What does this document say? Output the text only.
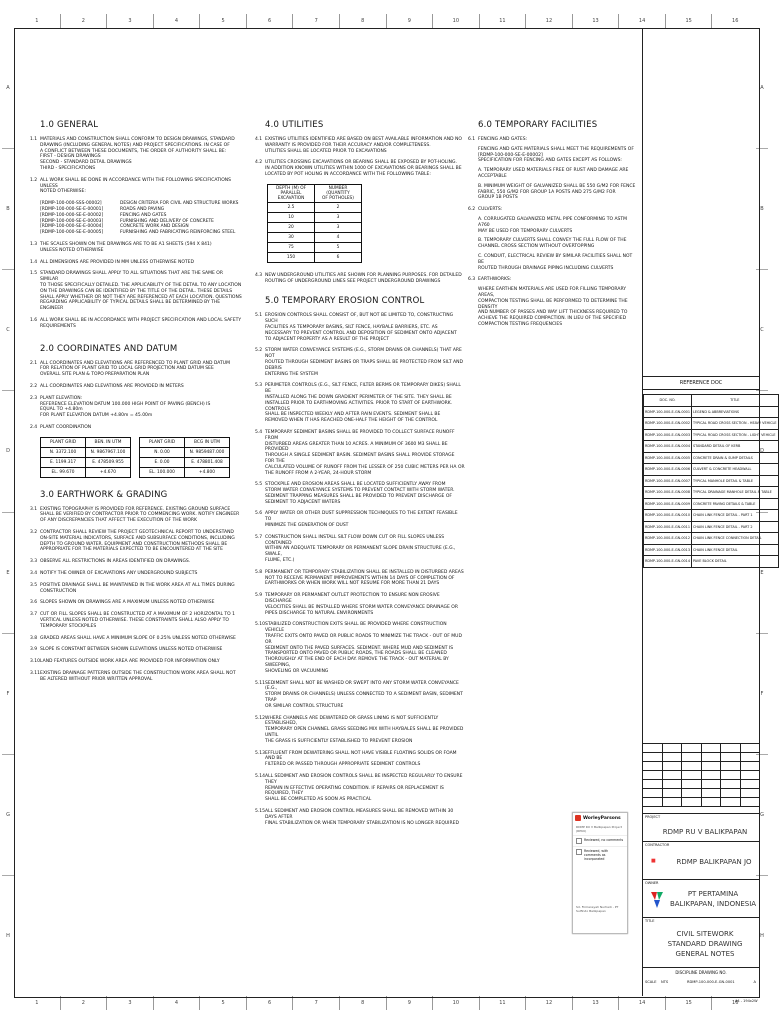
1	2	3	4	5	6	7	8	9	10	11	12	13	14	15	16
1	2	3	4	5	6	7	8	9	10	11	12	13	14	15	16
A
B
C
D
E
F
G
H
A
B
C
D
E
F
G
H
1.0 GENERAL
1.1 MATERIALS AND CONSTRUCTION SHALL CONFORM TO DESIGN DRAWINGS, STANDARD
DRAWING (INCLUDING GENERAL NOTES) AND PROJECT SPECIFICATIONS. IN CASE OF
A CONFLICT BETWEEN THESE DOCUMENTS, THE ORDER OF AUTHORITY SHALL BE:
FIRST - DESIGN DRAWINGS
SECOND - STANDARD DETAIL DRAWINGS
THIRD - SPECIFICATIONS
1.2 ALL WORK SHALL BE DONE IN ACCORDANCE WITH THE FOLLOWING SPECIFICATIONS UNLESS
NOTED OTHERWISE:
[RDMP-100-000-SSS-00002]	DESIGN CRITERIA FOR CIVIL AND STRUCTURE WORKS
[RDMP-100-000-SE-E-00001]	ROADS AND PAVING
[RDMP-100-000-SE-E-00002]	FENCING AND GATES
[RDMP-100-000-SE-E-00003]	FURNISHING AND DELIVERY OF CONCRETE
[RDMP-100-000-SE-E-00004]	CONCRETE WORK AND DESIGN
[RDMP-100-000-SE-E-00005]	FURNISHING AND FABRICATING REINFORCING STEEL
1.3 THE SCALES SHOWN ON THE DRAWINGS ARE TO BE A1 SHEETS (594 X 841)
UNLESS NOTED OTHERWISE
1.4 ALL DIMENSIONS ARE PROVIDED IN MM UNLESS OTHERWISE NOTED
1.5 STANDARD DRAWINGS SHALL APPLY TO ALL SITUATIONS THAT ARE THE SAME OR SIMILAR
TO THOSE SPECIFICALLY DETAILED. THE APPLICABILITY OF THE DETAIL TO ANY LOCATION
ON THE DRAWINGS CAN BE IDENTIFIED BY THE TITLE OF THE DETAIL. THESE DETAILS
SHALL APPLY WHETHER OR NOT THEY ARE REFERENCED AT EACH LOCATION. QUESTIONS
REGARDING APPLICABILITY OF TYPICAL DETAILS SHALL BE DETERMINED BY THE ENGINEER
1.6 ALL WORK SHALL BE IN ACCORDANCE WITH PROJECT SPECIFICATION AND LOCAL SAFETY
REQUIREMENTS
2.0 COORDINATES AND DATUM
2.1 ALL COORDINATES AND ELEVATIONS ARE REFERENCED TO PLANT GRID AND DATUM
FOR RELATION OF PLANT GRID TO LOCAL GRID PROJECTION AND DATUM SEE
OVERALL SITE PLAN & TOPO PREPARATION PLAN
2.2 ALL COORDINATES AND ELEVATIONS ARE PROVIDED IN METERS
2.3 PLANT ELEVATION:
REFERENCE ELEVATION DATUM 100.000 HIGH POINT OF PAVING (BENCH) IS
EQUAL TO +4.80m
FOR PLANT ELEVATION DATUM +4.80m = 45.00m
2.4 PLANT COORDINATION
PLANT GRID	BEN. IN UTM
N. 3372.100	N. 9867967.100
E. 1199.317	E. 478509.955
EL. 99.670	+4.670
PLANT GRID	BCG IN UTM
N. 0.00	N. 9859487.000
E. 0.00	E. 478801.408
EL. 100.000	+4.800
3.0 EARTHWORK & GRADING
3.1 EXISTING TOPOGRAPHY IS PROVIDED FOR REFERENCE. EXISTING GROUND SURFACE
SHALL BE VERIFIED BY CONTRACTOR PRIOR TO COMMENCING WORK. NOTIFY ENGINEER
OF ANY DISCREPANCIES THAT AFFECT THE EXECUTION OF THE WORK
3.2 CONTRACTOR SHALL REVIEW THE PROJECT GEOTECHNICAL REPORT TO UNDERSTAND
ON-SITE MATERIAL INDICATORS, SURFACE AND SUBSURFACE CONDITIONS, INCLUDING
DEPTH TO GROUND WATER. EQUIPMENT AND CONSTRUCTION METHODS SHALL BE
APPROPRIATE FOR THE MATERIALS EXPECTED TO BE ENCOUNTERED AT THE SITE
3.3 OBSERVE ALL RESTRICTIONS IN AREAS IDENTIFIED ON DRAWINGS.
3.4 NOTIFY THE OWNER OF EXCAVATIONS ANY UNDERGROUND SUBJECTS
3.5 POSITIVE DRAINAGE SHALL BE MAINTAINED IN THE WORK AREA AT ALL TIMES DURING
CONSTRUCTION
3.6 SLOPES SHOWN ON DRAWINGS ARE A MAXIMUM UNLESS NOTED OTHERWISE
3.7 CUT OR FILL SLOPES SHALL BE CONSTRUCTED AT A MAXIMUM OF 2 HORIZONTAL TO 1
VERTICAL UNLESS NOTED OTHERWISE. THESE CONSTRAINTS SHALL ALSO APPLY TO
TEMPORARY STOCKPILES
3.8 GRADED AREAS SHALL HAVE A MINIMUM SLOPE OF 0.25% UNLESS NOTED OTHERWISE
3.9 SLOPE IS CONSTANT BETWEEN SHOWN ELEVATIONS UNLESS NOTED OTHERWISE
3.10 LAND FEATURES OUTSIDE WORK AREA ARE PROVIDED FOR INFORMATION ONLY
3.11 EXISTING DRAINAGE PATTERNS OUTSIDE THE CONSTRUCTION WORK AREA SHALL NOT
BE ALTERED WITHOUT PRIOR WRITTEN APPROVAL
4.0 UTILITIES
4.1 EXISTING UTILITIES IDENTIFIED ARE BASED ON BEST AVAILABLE INFORMATION AND NO
WARRANTY IS PROVIDED FOR THEIR ACCURACY AND/OR COMPLETENESS.
UTILITIES SHALL BE LOCATED PRIOR TO EXCAVATIONS
4.2 UTILITIES CROSSING EXCAVATIONS OR BEARING SHALL BE EXPOSED BY POT-HOLING.
IN ADDITION KNOWN UTILITIES WITHIN 1000 OF EXCAVATIONS OR BEARINGS SHALL BE
LOCATED BY POT HOLING IN ACCORDANCE WITH THE FOLLOWING TABLE:
DEPTH (M) OF
PARALLEL EXCAVATION	NUMBER (QUANTITY
OF POTHOLES)
2.5	2
10	3
20	3
30	4
75	5
150	6
4.3 NEW UNDERGROUND UTILITIES ARE SHOWN FOR PLANNING PURPOSES. FOR DETAILED
ROUTING OF UNDERGROUND LINES SEE PROJECT UNDERGROUND DRAWINGS
5.0 TEMPORARY EROSION CONTROL
5.1 EROSION CONTROLS SHALL CONSIST OF, BUT NOT BE LIMITED TO, CONSTRUCTING SUCH
FACILITIES AS TEMPORARY BASINS, SILT FENCE, HAYBALE BARRIERS, ETC. AS
NECESSARY TO PREVENT CONTROL AND DEPOSITION OF SEDIMENT ONTO ADJACENT
TO ADJACENT PROPERTY AS A RESULT OF THE PROJECT
5.2 STORM WATER CONVEYANCE SYSTEMS (E.G., STORM DRAINS OR CHANNELS) THAT ARE NOT
ROUTED THROUGH SEDIMENT BASINS OR TRAPS SHALL BE PROTECTED FROM SILT AND DEBRIS
ENTERING THE SYSTEM
5.3 PERIMETER CONTROLS (E.G., SILT FENCE, FILTER BERMS OR TEMPORARY DIKES) SHALL BE
INSTALLED ALONG THE DOWN GRADIENT PERIMETER OF THE SITE. THEY SHALL BE
INSTALLED PRIOR TO EARTHMOVING ACTIVITIES. PRIOR TO START OF EARTHWORK. CONTROLS
SHALL BE INSPECTED WEEKLY AND AFTER RAIN EVENTS. SEDIMENT SHALL BE
REMOVED WHEN IT HAS REACHED ONE-HALF THE HEIGHT OF THE CONTROL
5.4 TEMPORARY SEDIMENT BASINS SHALL BE PROVIDED TO COLLECT SURFACE RUNOFF FROM
DISTURBED AREAS GREATER THAN 10 ACRES. A MINIMUM OF 3600 M3 SHALL BE PROVIDED
THROUGH A SINGLE SEDIMENT BASIN. SEDIMENT BASINS SHALL PROVIDE STORAGE FOR THE
CALCULATED VOLUME OF RUNOFF FROM THE LESSER OF 250 CUBIC METERS PER HA OR
THE RUNOFF FROM A 2-YEAR, 24-HOUR STORM
5.5 STOCKPILE AND EROSION AREAS SHALL BE LOCATED SUFFICIENTLY AWAY FROM
STORM WATER CONVEYANCE SYSTEMS TO PREVENT CONTACT WITH STORM WATER.
SEDIMENT TRAPPING MEASURES SHALL BE PROVIDED TO PREVENT DISCHARGE OF
SEDIMENT TO ADJACENT WATERS
5.6 APPLY WATER OR OTHER DUST SUPPRESSION TECHNIQUES TO THE EXTENT FEASIBLE TO
MINIMIZE THE GENERATION OF DUST
5.7 CONSTRUCTION SHALL INSTALL SILT FLOW DOWN CUT OR FILL SLOPES UNLESS CONTAINED
WITHIN AN ADEQUATE TEMPORARY OR PERMANENT SLOPE DRAIN STRUCTURE (E.G., SWALE,
FLUME, ETC.)
5.8 PERMANENT OR TEMPORARY STABILIZATION SHALL BE INSTALLED IN DISTURBED AREAS
NOT TO RECEIVE PERMANENT IMPROVEMENTS WITHIN 14 DAYS OF COMPLETION OF
EARTHWORKS OR WHEN WORK WILL NOT RESUME FOR MORE THAN 21 DAYS
5.9 TEMPORARY OR PERMANENT OUTLET PROTECTION TO ENSURE NON EROSIVE DISCHARGE
VELOCITIES SHALL BE INSTALLED WHERE STORM WATER CONVEYANCE DRAINAGE OR
PIPES DISCHARGE TO NATURAL ENVIRONMENTS
5.10 STABILIZED CONSTRUCTION EXITS SHALL BE PROVIDED WHERE CONSTRUCTION VEHICLE
TRAFFIC EXITS ONTO PAVED OR PUBLIC ROADS TO MINIMIZE THE TRACK - OUT OF MUD OR
SEDIMENT ONTO THE PAVED SURFACES. SEDIMENT. WHERE MUD AND SEDIMENT IS
TRANSPORTED ONTO PAVED OR PUBLIC ROADS, THE ROADS SHALL BE CLEANED
THOROUGHLY AT THE END OF EACH DAY. REMOVE THE TRACK - OUT MATERIAL BY SWEEPING,
SHOVELING OR VACUUMING
5.11 SEDIMENT SHALL NOT BE WASHED OR SWEPT INTO ANY STORM WATER CONVEYANCE (E.G.,
STORM DRAINS OR CHANNELS) UNLESS CONNECTED TO A SEDIMENT BASIN, SEDIMENT TRAP
OR SIMILAR CONTROL STRUCTURE
5.12 WHERE CHANNELS ARE DEWATERED OR GRASS LINING IS NOT SUFFICIENTLY ESTABLISHED,
TEMPORARY OPEN CHANNEL GRASS SEEDING MIX WITH HAYBALES SHALL BE PROVIDED UNTIL
THE GRASS IS SUFFICIENTLY ESTABLISHED TO PREVENT EROSION
5.13 EFFLUENT FROM DEWATERING SHALL NOT HAVE VISIBLE FLOATING SOLIDS OR FOAM AND BE
FILTERED OR PASSED THROUGH APPROPRIATE SEDIMENT CONTROLS
5.14 ALL SEDIMENT AND EROSION CONTROLS SHALL BE INSPECTED REGULARLY TO ENSURE THEY
REMAIN IN EFFECTIVE OPERATING CONDITION. IF REPAIRS OR REPLACEMENT IS REQUIRED, THEY
SHALL BE COMPLETED AS SOON AS PRACTICAL
5.15 ALL SEDIMENT AND EROSION CONTROL MEASURES SHALL BE REMOVED WITHIN 30 DAYS AFTER
FINAL STABILIZATION OR WHEN TEMPORARY STABILIZATION IS NO LONGER REQUIRED
6.0 TEMPORARY FACILITIES
6.1 FENCING AND GATES:
FENCING AND GATE MATERIALS SHALL MEET THE REQUIREMENTS OF
[RDMP-100-000-SE-E-00002]
SPECIFICATION FOR FENCING AND GATES EXCEPT AS FOLLOWS:
A. TEMPORARY USED MATERIALS FREE OF RUST AND DAMAGE ARE
ACCEPTABLE
B. MINIMUM WEIGHT OF GALVANIZED SHALL BE 550 G/M2 FOR FENCE
FABRIC, 550 G/M2 FOR GROUP 1A POSTS AND 275 G/M2 FOR
GROUP 1B POSTS
6.2 CULVERTS:
A. CORRUGATED GALVANIZED METAL PIPE CONFORMING TO ASTM A760
MAY BE USED FOR TEMPORARY CULVERTS
B. TEMPORARY CULVERTS SHALL CONVEY THE FULL FLOW OF THE
CHANNEL CROSS SECTION WITHOUT OVERTOPPING
C. CONDUIT, ELECTRICAL REVIEW BY SIMILAR FACILITIES SHALL NOT BE
ROUTED THROUGH DRAINAGE PIPING INCLUDING CULVERTS
6.3 EARTHWORKS:
WHERE EARTHEN MATERIALS ARE USED FOR FILLING TEMPORARY AREAS,
COMPACTION TESTING SHALL BE PERFORMED TO DETERMINE THE DENSITY
AND NUMBER OF PASSES AND WAY LIFT THICKNESS REQUIRED TO
ACHIEVE THE REQUIRED COMPACTION. IN LIEU OF THE SPECIFIED
COMPACTION TESTING FREQUENCIES
WorleyParsons
RDMP RU V Balikpapan Project (RPKU)
Reviewed, no comments
Reviewed, with comments as incorporated
Sd. Firmansyah Nurhadi - PT Sulfindo Balikpapan
REFERENCE DOC
DOC. NO.	TITLE
RDMP-100-000-E-GN-0001	LEGEND & ABBREVIATIONS
RDMP-100-000-E-GN-0002	TYPICAL ROAD CROSS SECTION - HEAVY VEHICLE
RDMP-100-000-E-GN-0003	TYPICAL ROAD CROSS SECTION - LIGHT VEHICLE
RDMP-100-000-E-GN-0004	STANDARD DETAIL OF KERB
RDMP-100-000-E-GN-0005	CONCRETE DRAIN & SUMP DETAILS
RDMP-100-000-E-GN-0006	CULVERT & CONCRETE HEADWALL
RDMP-100-000-E-GN-0007	TYPICAL MANHOLE DETAIL & TABLE
RDMP-100-000-E-GN-0008	TYPICAL DRAINAGE MANHOLE DETAIL & TABLE
RDMP-100-000-E-GN-0009	CONCRETE PAVING DETAILS & TABLE
RDMP-100-000-E-GN-0010	CHAIN LINK FENCE DETAIL - PART 1
RDMP-100-000-E-GN-0011	CHAIN LINK FENCE DETAIL - PART 2
RDMP-100-000-E-GN-0012	CHAIN LINK FENCE CONNECTION DETAIL
RDMP-100-000-E-GN-0013	CHAIN LINK FENCE DETAIL
RDMP-100-000-E-GN-0014	PAVE BLOCK DETAIL
PROJECT
RDMP RU V BALIKPAPAN
CONTRACTOR
■	RDMP BALIKPAPAN JO
OWNER
PT PERTAMINA
BALIKPAPAN, INDONESIA
TITLE
CIVIL SITEWORK
STANDARD DRAWING
GENERAL NOTES
DISCIPLINE DRAWING NO.
SCALE NTS	RDMP-100-000-E-GN-0001	A
A4 - 194x2W
